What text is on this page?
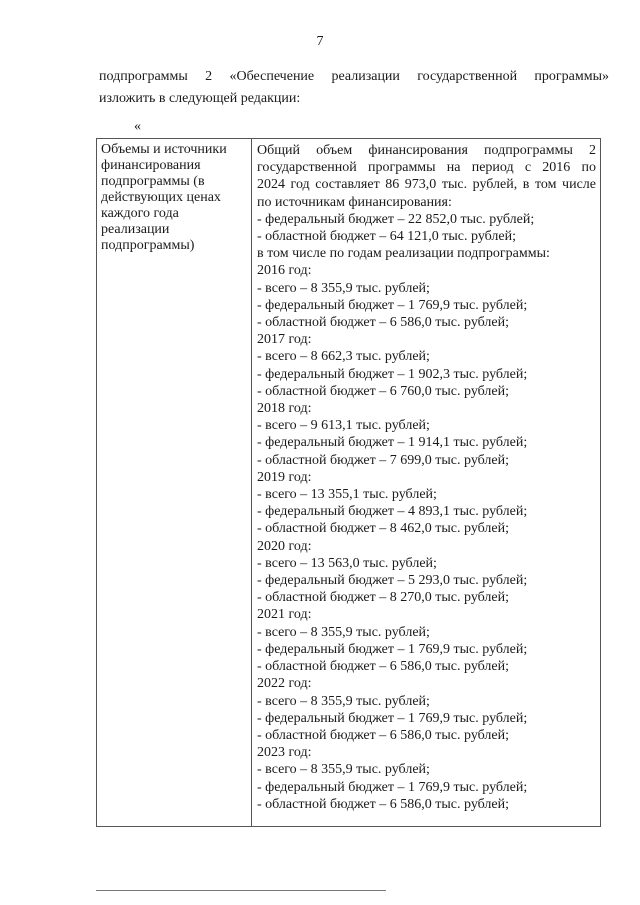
7
подпрограммы 2 «Обеспечение реализации государственной программы»
изложить в следующей редакции:
«
Объемы и источники
финансирования
подпрограммы (в
действующих ценах
каждого года
реализации
подпрограммы)
Общий объем финансирования подпрограммы 2
государственной программы на период с 2016 по
2024 год составляет 86 973,0 тыс. рублей, в том числе
по источникам финансирования:
- федеральный бюджет – 22 852,0 тыс. рублей;
- областной бюджет – 64 121,0 тыс. рублей;
в том числе по годам реализации подпрограммы:
2016 год:
- всего – 8 355,9 тыс. рублей;
- федеральный бюджет – 1 769,9 тыс. рублей;
- областной бюджет – 6 586,0 тыс. рублей;
2017 год:
- всего – 8 662,3 тыс. рублей;
- федеральный бюджет – 1 902,3 тыс. рублей;
- областной бюджет – 6 760,0 тыс. рублей;
2018 год:
- всего – 9 613,1 тыс. рублей;
- федеральный бюджет – 1 914,1 тыс. рублей;
- областной бюджет – 7 699,0 тыс. рублей;
2019 год:
- всего – 13 355,1 тыс. рублей;
- федеральный бюджет – 4 893,1 тыс. рублей;
- областной бюджет – 8 462,0 тыс. рублей;
2020 год:
- всего – 13 563,0 тыс. рублей;
- федеральный бюджет – 5 293,0 тыс. рублей;
- областной бюджет – 8 270,0 тыс. рублей;
2021 год:
- всего – 8 355,9 тыс. рублей;
- федеральный бюджет – 1 769,9 тыс. рублей;
- областной бюджет – 6 586,0 тыс. рублей;
2022 год:
- всего – 8 355,9 тыс. рублей;
- федеральный бюджет – 1 769,9 тыс. рублей;
- областной бюджет – 6 586,0 тыс. рублей;
2023 год:
- всего – 8 355,9 тыс. рублей;
- федеральный бюджет – 1 769,9 тыс. рублей;
- областной бюджет – 6 586,0 тыс. рублей;
